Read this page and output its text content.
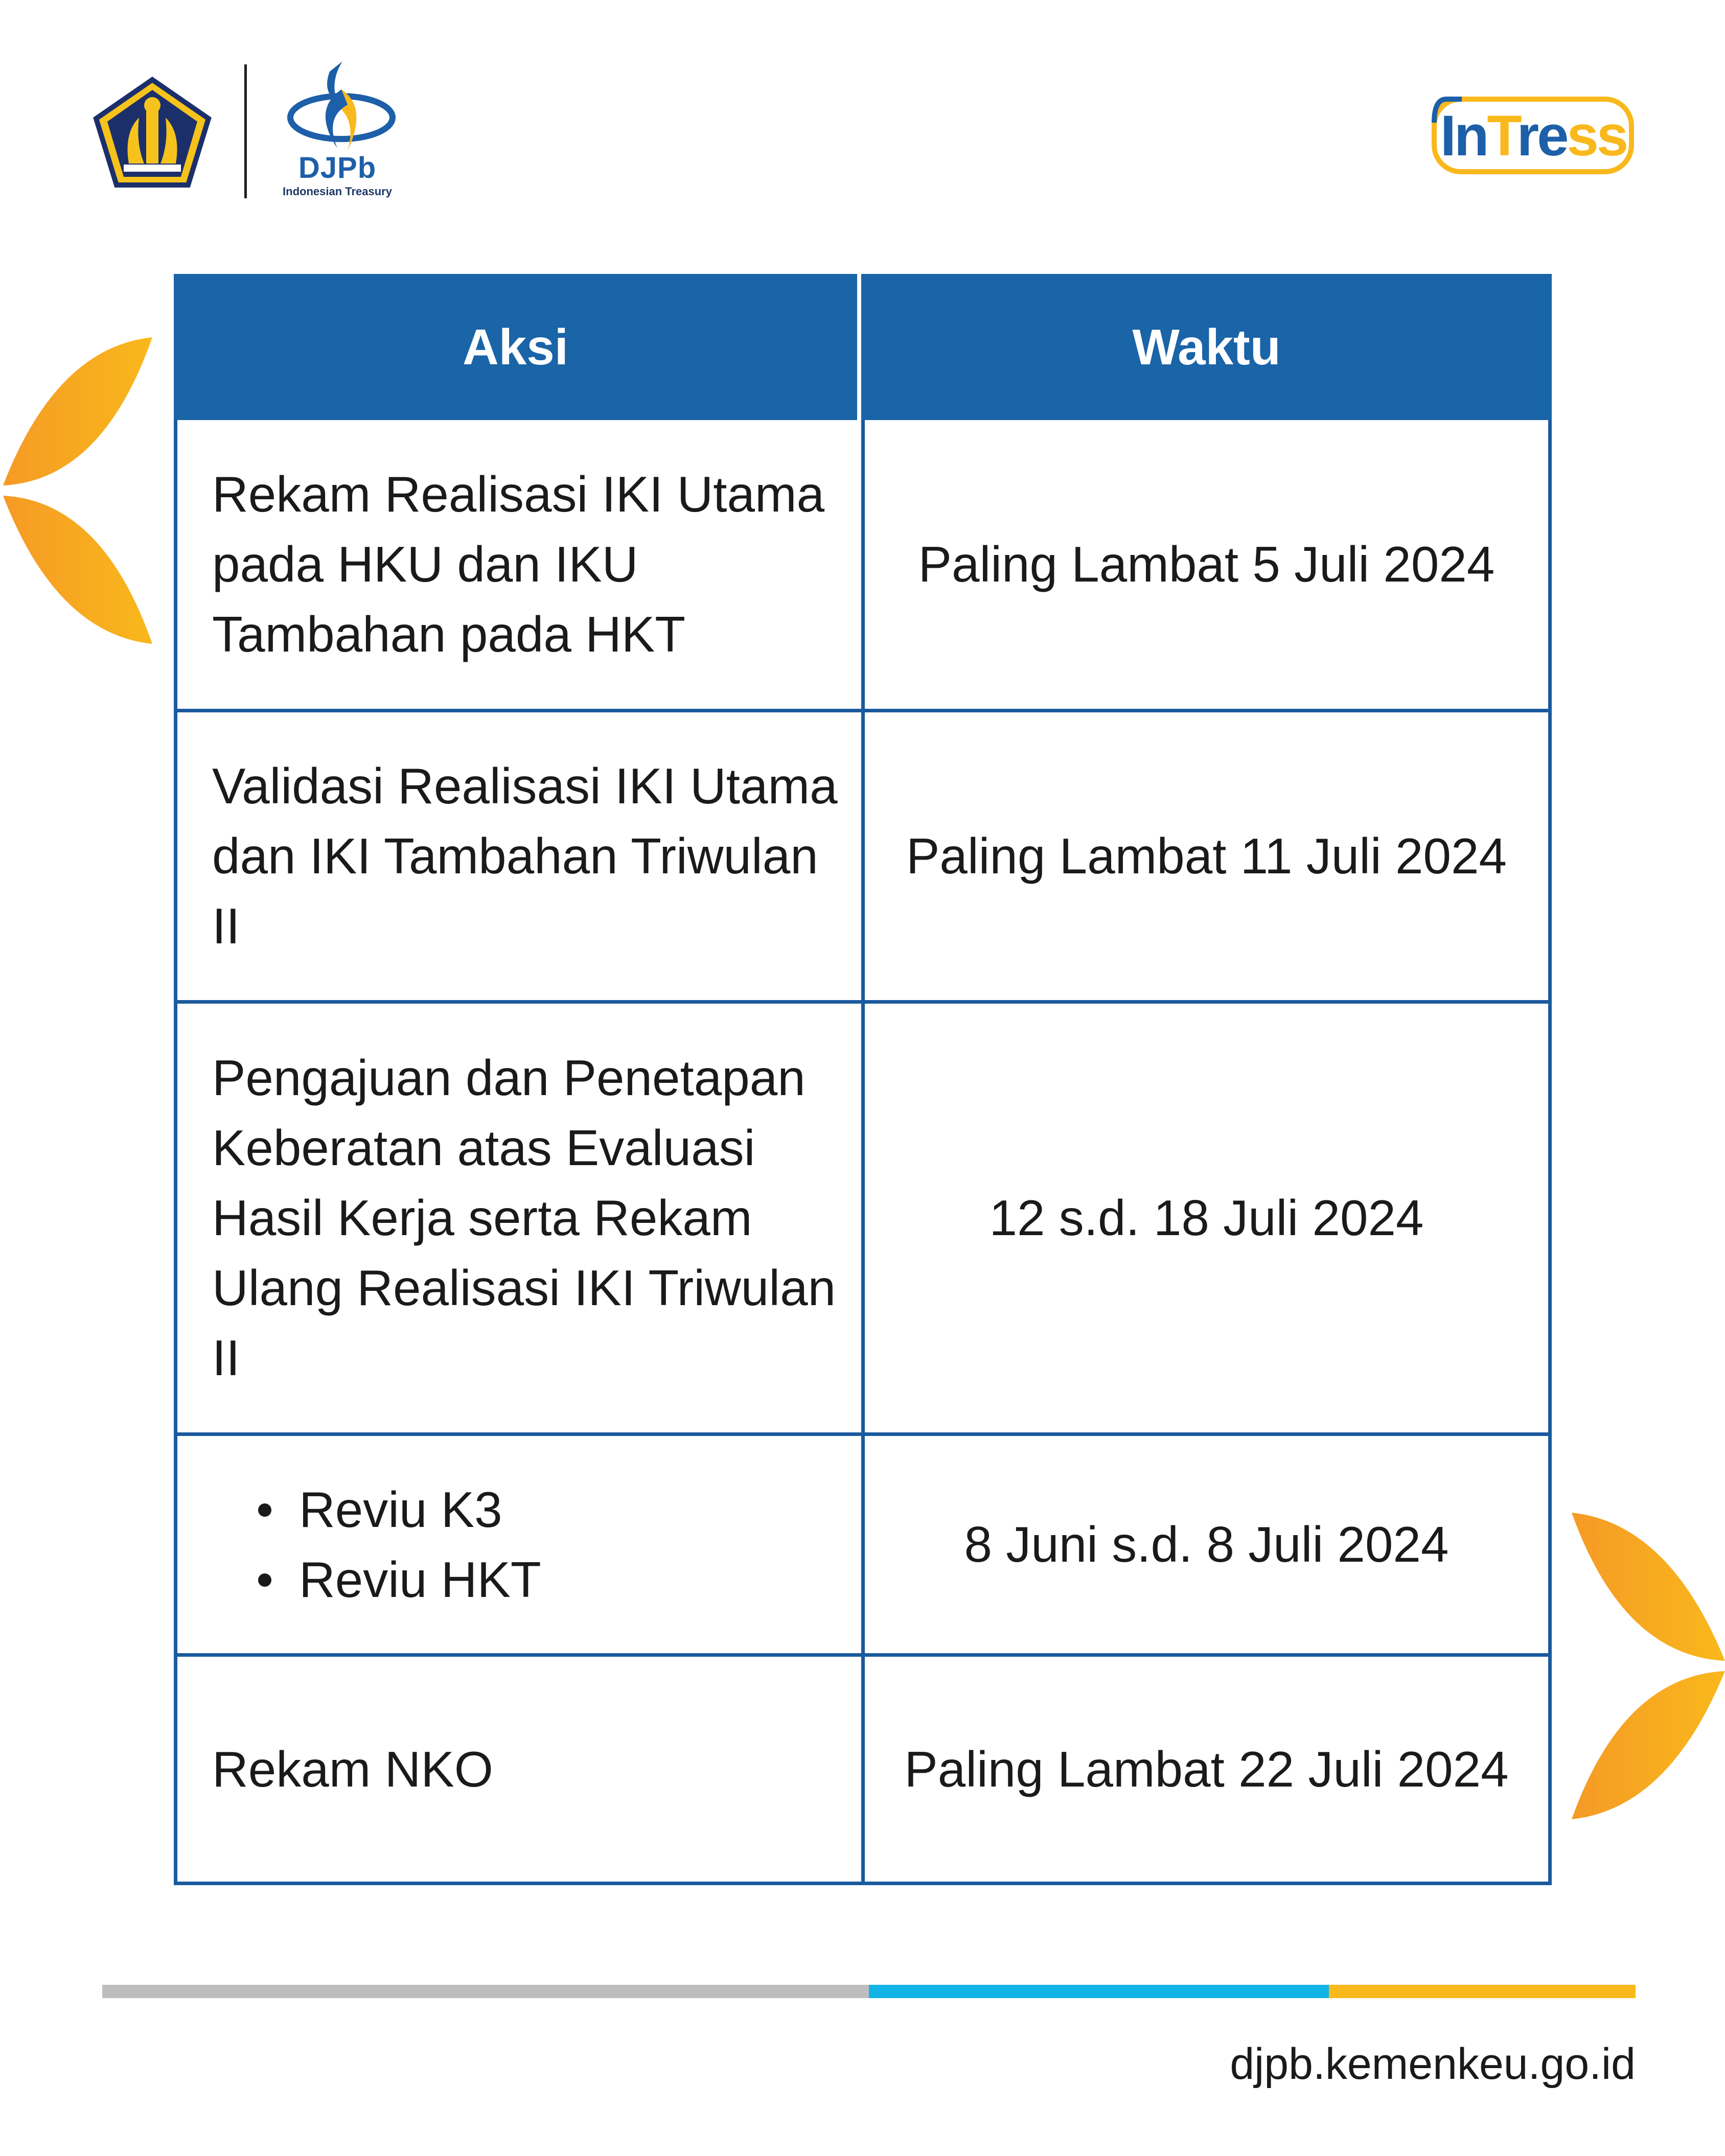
DJPb
Indonesian Treasury
InTress
Aksi	Waktu
Rekam Realisasi IKI Utama pada HKU dan IKU Tambahan pada HKT
Paling Lambat 5 Juli 2024
Validasi Realisasi IKI Utama dan IKI Tambahan Triwulan II
Paling Lambat 11 Juli 2024
Pengajuan dan Penetapan Keberatan atas Evaluasi Hasil Kerja serta Rekam Ulang Realisasi IKI Triwulan II
12 s.d. 18 Juli 2024
Reviu K3
Reviu HKT
8 Juni s.d. 8 Juli 2024
Rekam NKO	Paling Lambat 22 Juli 2024
djpb.kemenkeu.go.id
